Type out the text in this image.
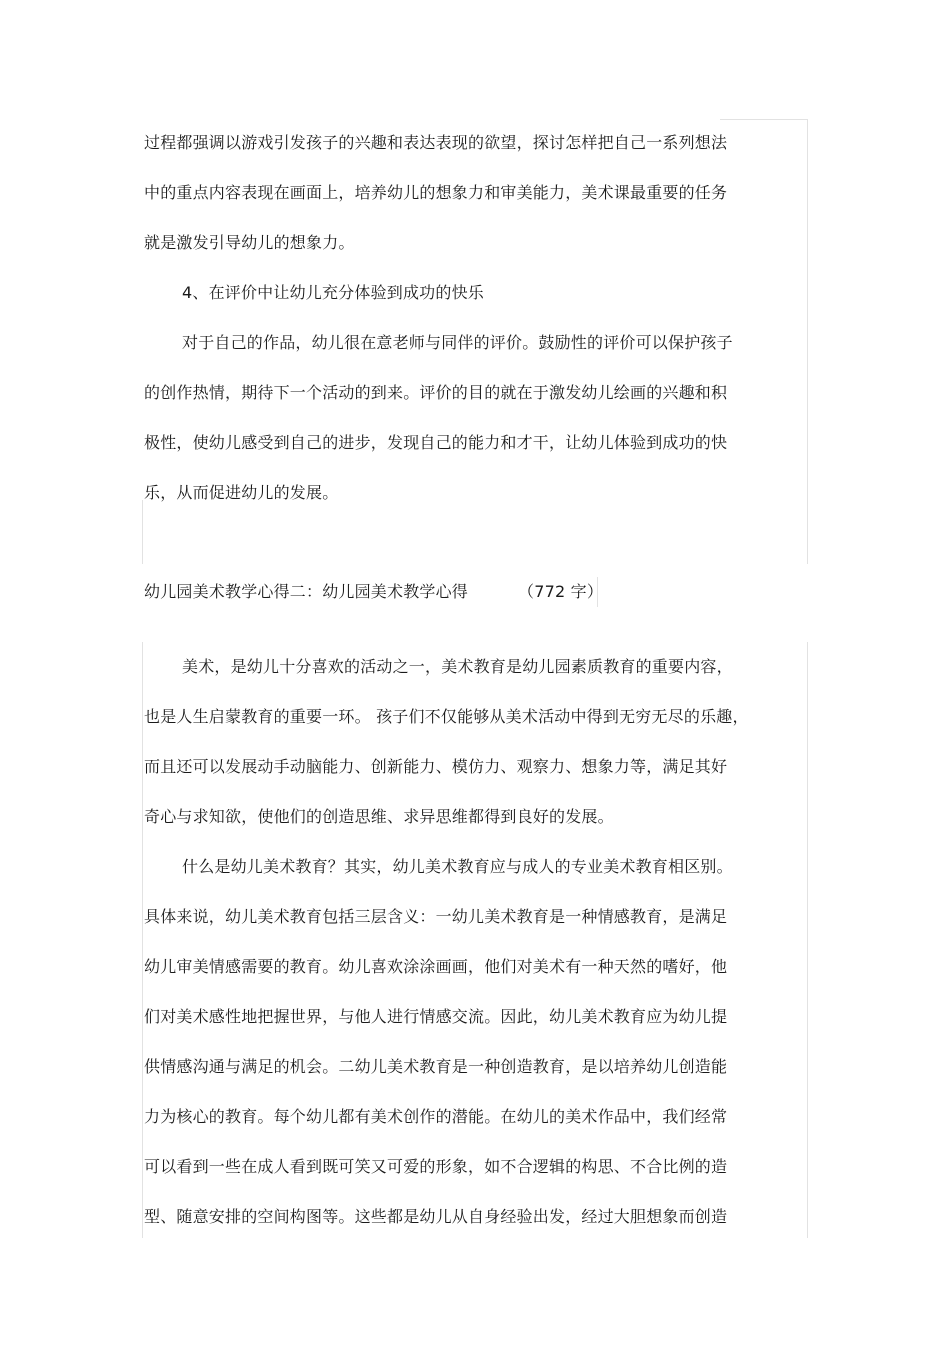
过程都强调以游戏引发孩子的兴趣和表达表现的欲望，探讨怎样把自己一系列想法
中的重点内容表现在画面上，培养幼儿的想象力和审美能力，美术课最重要的任务
就是激发引导幼儿的想象力。
4、在评价中让幼儿充分体验到成功的快乐
对于自己的作品，幼儿很在意老师与同伴的评价。鼓励性的评价可以保护孩子
的创作热情，期待下一个活动的到来。评价的目的就在于激发幼儿绘画的兴趣和积
极性，使幼儿感受到自己的进步，发现自己的能力和才干，让幼儿体验到成功的快
乐，从而促进幼儿的发展。
幼儿园美术教学心得二：幼儿园美术教学心得	（772 字）
美术，是幼儿十分喜欢的活动之一，美术教育是幼儿园素质教育的重要内容，
也是人生启蒙教育的重要一环。 孩子们不仅能够从美术活动中得到无穷无尽的乐趣，
而且还可以发展动手动脑能力、创新能力、模仿力、观察力、想象力等，满足其好
奇心与求知欲，使他们的创造思维、求异思维都得到良好的发展。
什么是幼儿美术教育？其实，幼儿美术教育应与成人的专业美术教育相区别。
具体来说，幼儿美术教育包括三层含义：一幼儿美术教育是一种情感教育，是满足
幼儿审美情感需要的教育。幼儿喜欢涂涂画画，他们对美术有一种天然的嗜好，他
们对美术感性地把握世界，与他人进行情感交流。因此，幼儿美术教育应为幼儿提
供情感沟通与满足的机会。二幼儿美术教育是一种创造教育，是以培养幼儿创造能
力为核心的教育。每个幼儿都有美术创作的潜能。在幼儿的美术作品中，我们经常
可以看到一些在成人看到既可笑又可爱的形象，如不合逻辑的构思、不合比例的造
型、随意安排的空间构图等。这些都是幼儿从自身经验出发，经过大胆想象而创造
